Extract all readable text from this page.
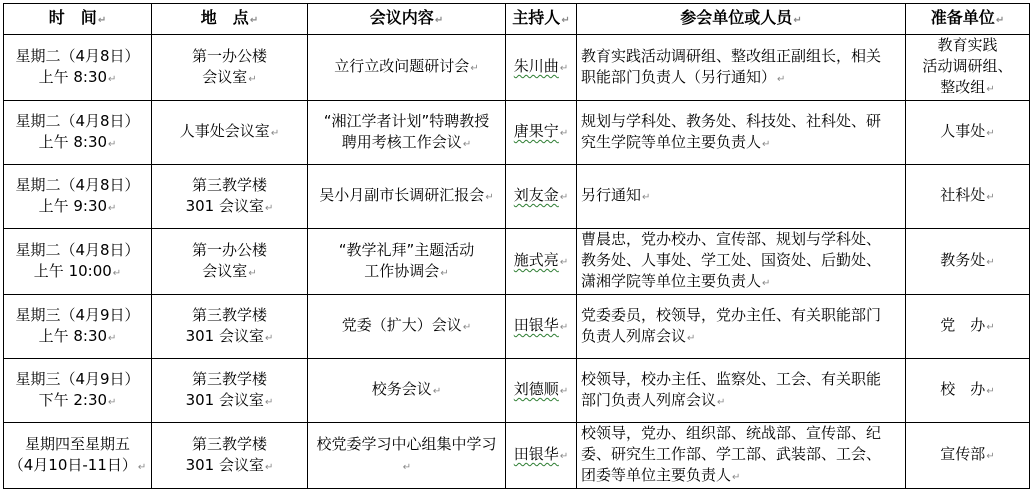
时　间↵	地　点↵	会议内容↵	主持人↵	参会单位或人员↵	准备单位↵
星期二（4月8日）
上午 8:30↵	第一办公楼
会议室↵	立行立改问题研讨会↵	朱川曲↵	教育实践活动调研组、整改组正副组长，相关
职能部门负责人（另行通知）↵	教育实践
活动调研组、
整改组↵
星期二（4月8日）
上午 8:30↵	人事处会议室↵	“湘江学者计划”特聘教授
聘用考核工作会议↵	唐果宁↵	规划与学科处、教务处、科技处、社科处、研
究生学院等单位主要负责人↵	人事处↵
星期二（4月8日）
上午 9:30↵	第三教学楼
301 会议室↵	吴小月副市长调研汇报会↵	刘友金↵	另行通知↵	社科处↵
星期二（4月8日）
上午 10:00↵	第一办公楼
会议室↵	“教学礼拜”主题活动
工作协调会↵	施式亮↵	曹晨忠，党办校办、宣传部、规划与学科处、
教务处、人事处、学工处、国资处、后勤处、
潇湘学院等单位主要负责人↵	教务处↵
星期三（4月9日）
上午 8:30↵	第三教学楼
301 会议室↵	党委（扩大）会议↵	田银华↵	党委委员，校领导，党办主任、有关职能部门
负责人列席会议↵	党　办↵
星期三（4月9日）
下午 2:30↵	第三教学楼
301 会议室↵	校务会议↵	刘德顺↵	校领导，校办主任、监察处、工会、有关职能
部门负责人列席会议↵	校　办↵
星期四至星期五
（4月10日-11日）↵	第三教学楼
301 会议室↵	校党委学习中心组集中学习↵	田银华↵	校领导，党办、组织部、统战部、宣传部、纪
委、研究生工作部、学工部、武装部、工会、
团委等单位主要负责人↵	宣传部↵
